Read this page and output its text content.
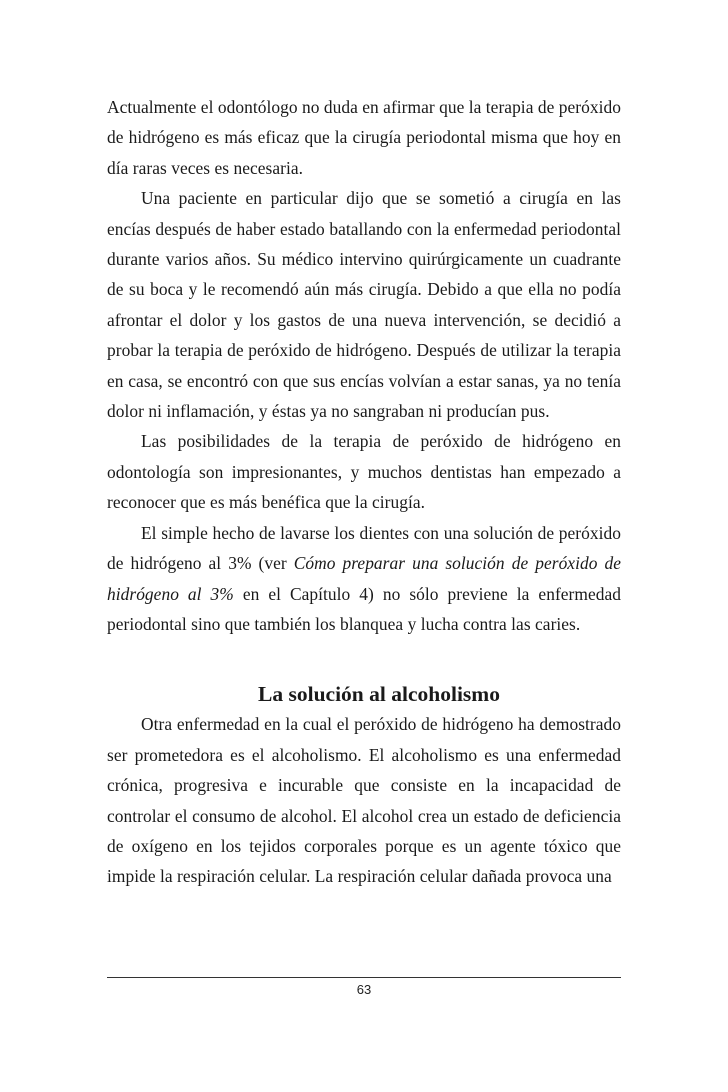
Actualmente el odontólogo no duda en afirmar que la terapia de peróxido de hidrógeno es más eficaz que la cirugía periodontal misma que hoy en día raras veces es necesaria.

Una paciente en particular dijo que se sometió a cirugía en las encías después de haber estado batallando con la enfermedad periodontal durante varios años. Su médico intervino quirúrgicamente un cuadrante de su boca y le recomendó aún más cirugía. Debido a que ella no podía afrontar el dolor y los gastos de una nueva intervención, se decidió a probar la terapia de peróxido de hidrógeno. Después de utilizar la terapia en casa, se encontró con que sus encías volvían a estar sanas, ya no tenía dolor ni inflamación, y éstas ya no sangraban ni producían pus.

Las posibilidades de la terapia de peróxido de hidrógeno en odontología son impresionantes, y muchos dentistas han empezado a reconocer que es más benéfica que la cirugía.

El simple hecho de lavarse los dientes con una solución de peróxido de hidrógeno al 3% (ver Cómo preparar una solución de peróxido de hidrógeno al 3% en el Capítulo 4) no sólo previene la enfermedad periodontal sino que también los blanquea y lucha contra las caries.

La solución al alcoholismo

Otra enfermedad en la cual el peróxido de hidrógeno ha demostrado ser prometedora es el alcoholismo. El alcoholismo es una enfermedad crónica, progresiva e incurable que consiste en la incapacidad de controlar el consumo de alcohol. El alcohol crea un estado de deficiencia de oxígeno en los tejidos corporales porque es un agente tóxico que impide la respiración celular. La respiración celular dañada provoca una

63
